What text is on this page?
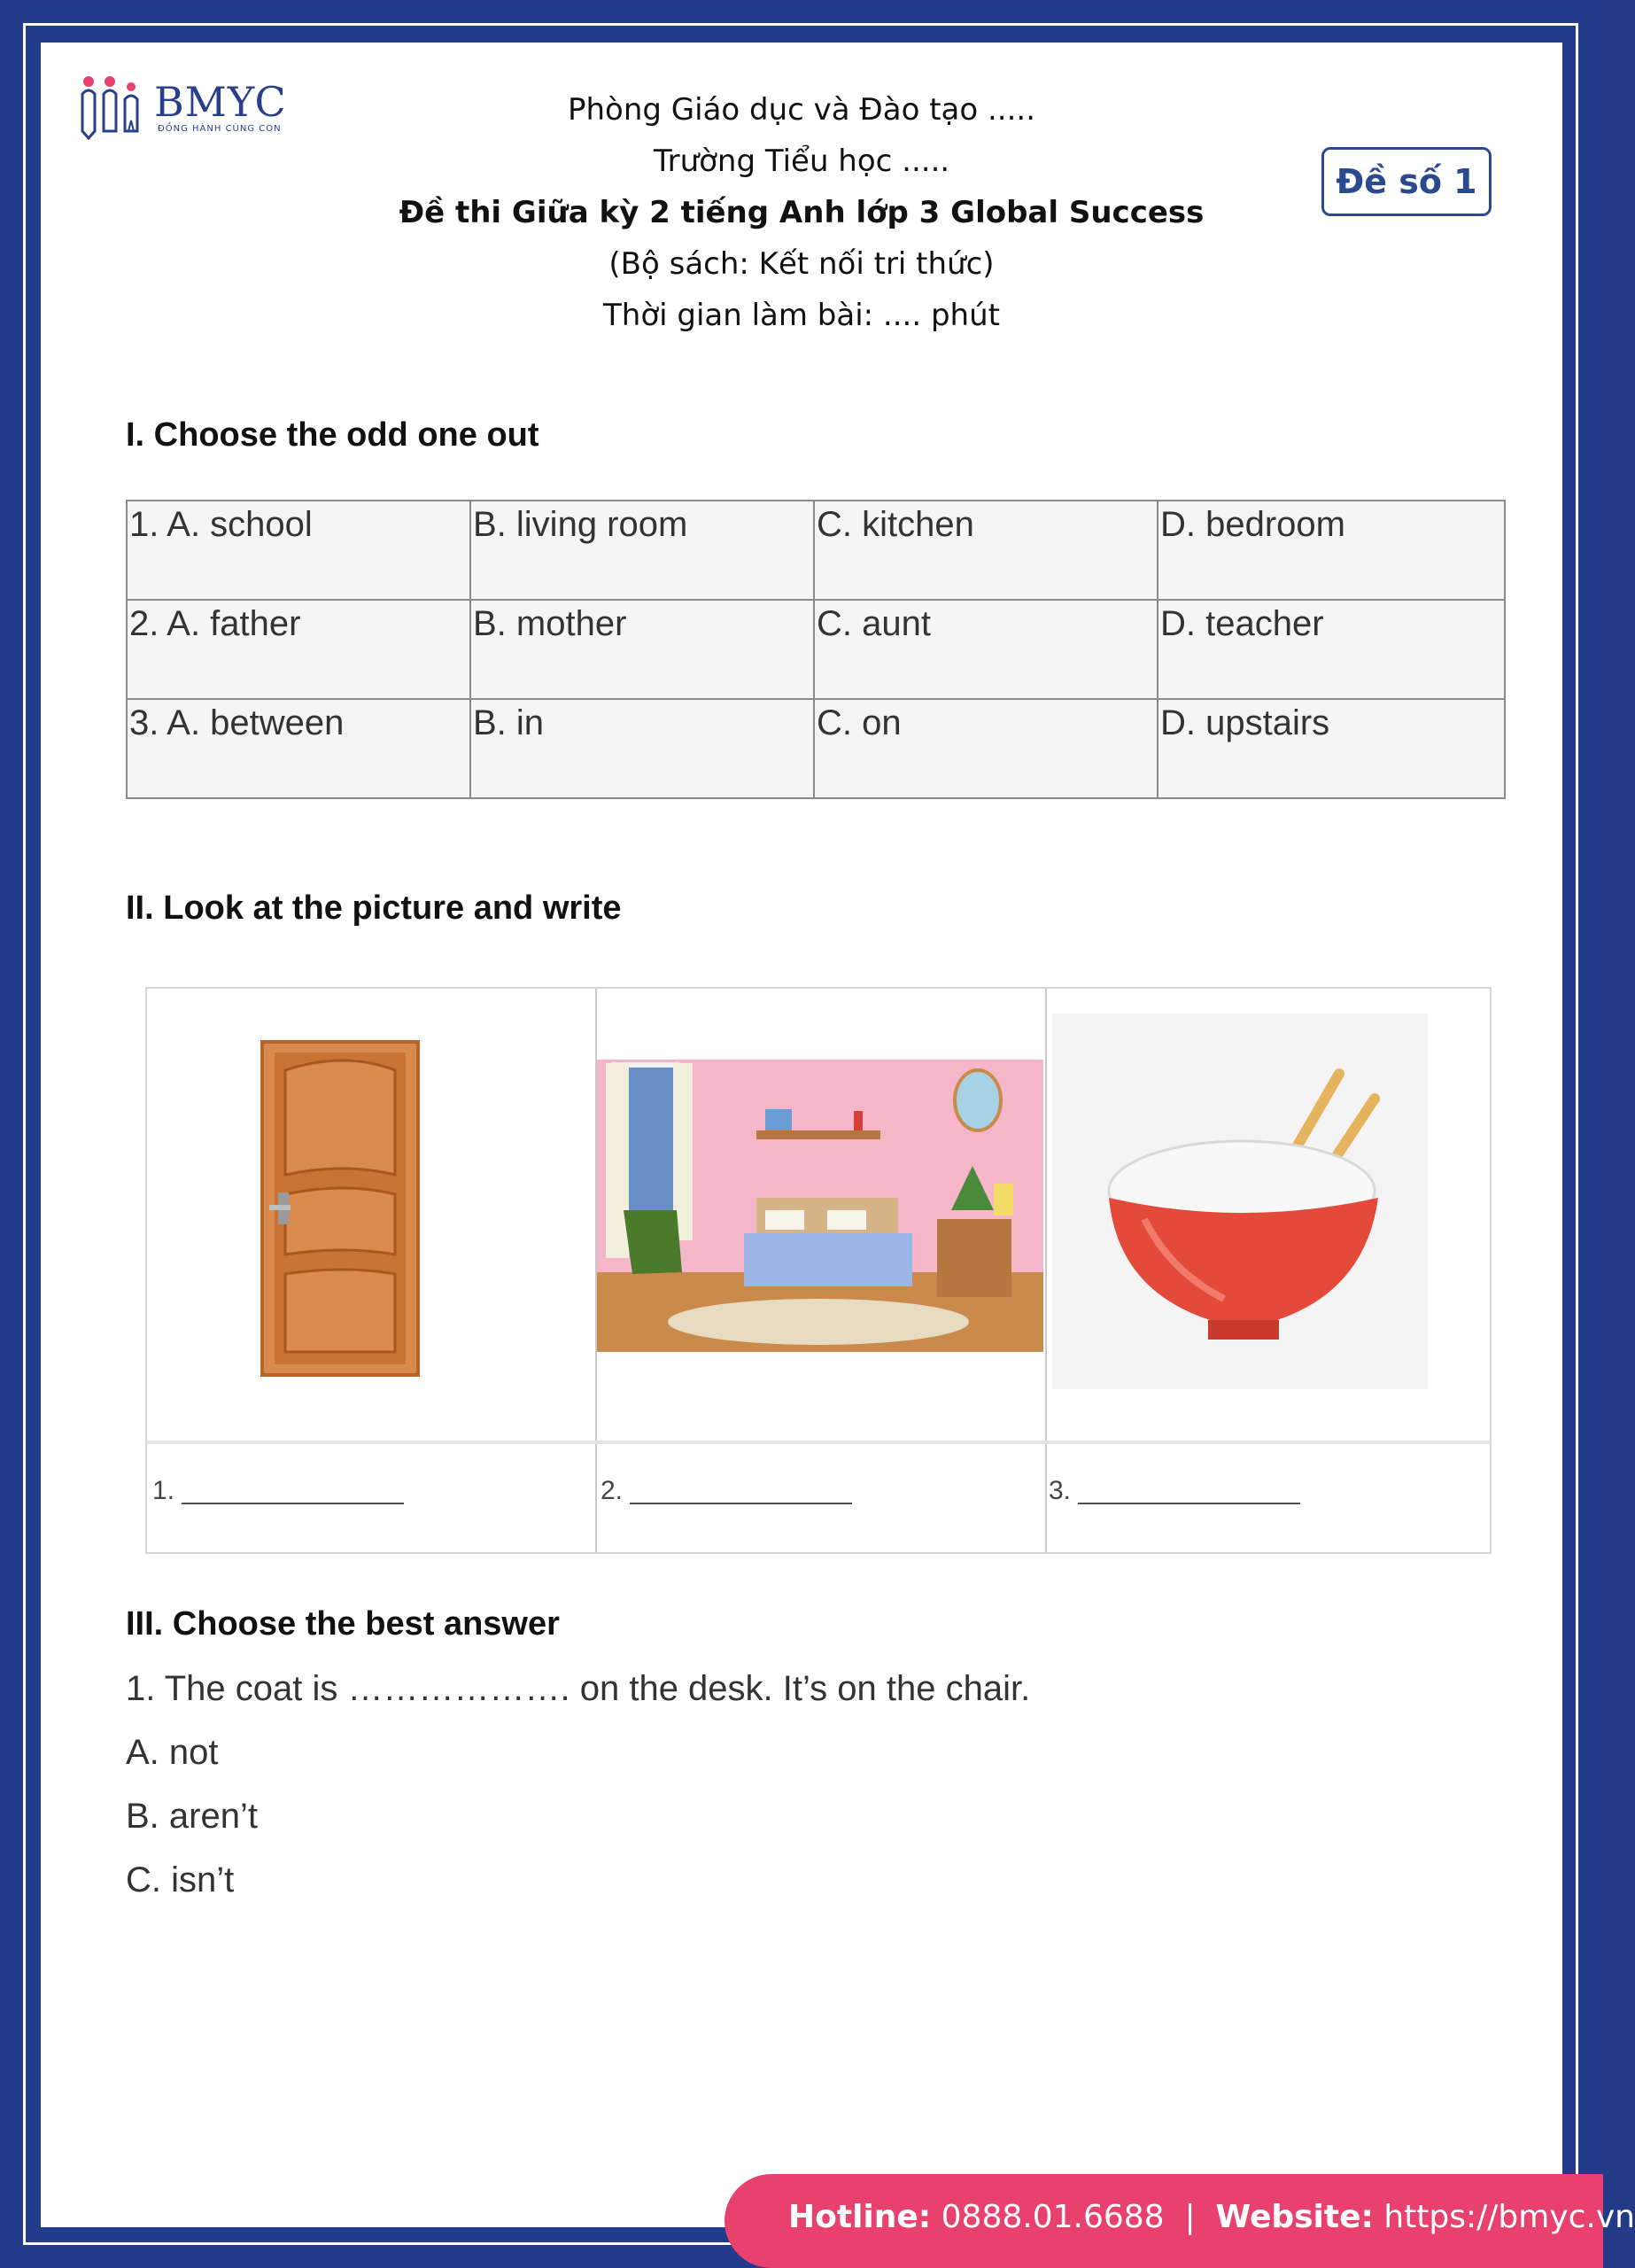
BMYC
ĐỒNG HÀNH CÙNG CON
Phòng Giáo dục và Đào tạo .....
Trường Tiểu học .....
Đề thi Giữa kỳ 2 tiếng Anh lớp 3 Global Success
(Bộ sách: Kết nối tri thức)
Thời gian làm bài: .... phút
Đề số 1
I. Choose the odd one out
1. A. school	B. living room	C. kitchen	D. bedroom
2. A. father	B. mother	C. aunt	D. teacher
3. A. between	B. in	C. on	D. upstairs
II. Look at the picture and write
1. _______________	2. _______________	3. _______________
III. Choose the best answer
1. The coat is ………………. on the desk. It’s on the chair.
A. not
B. aren’t
C. isn’t
Hotline: 0888.01.6688 | Website: https://bmyc.vn
